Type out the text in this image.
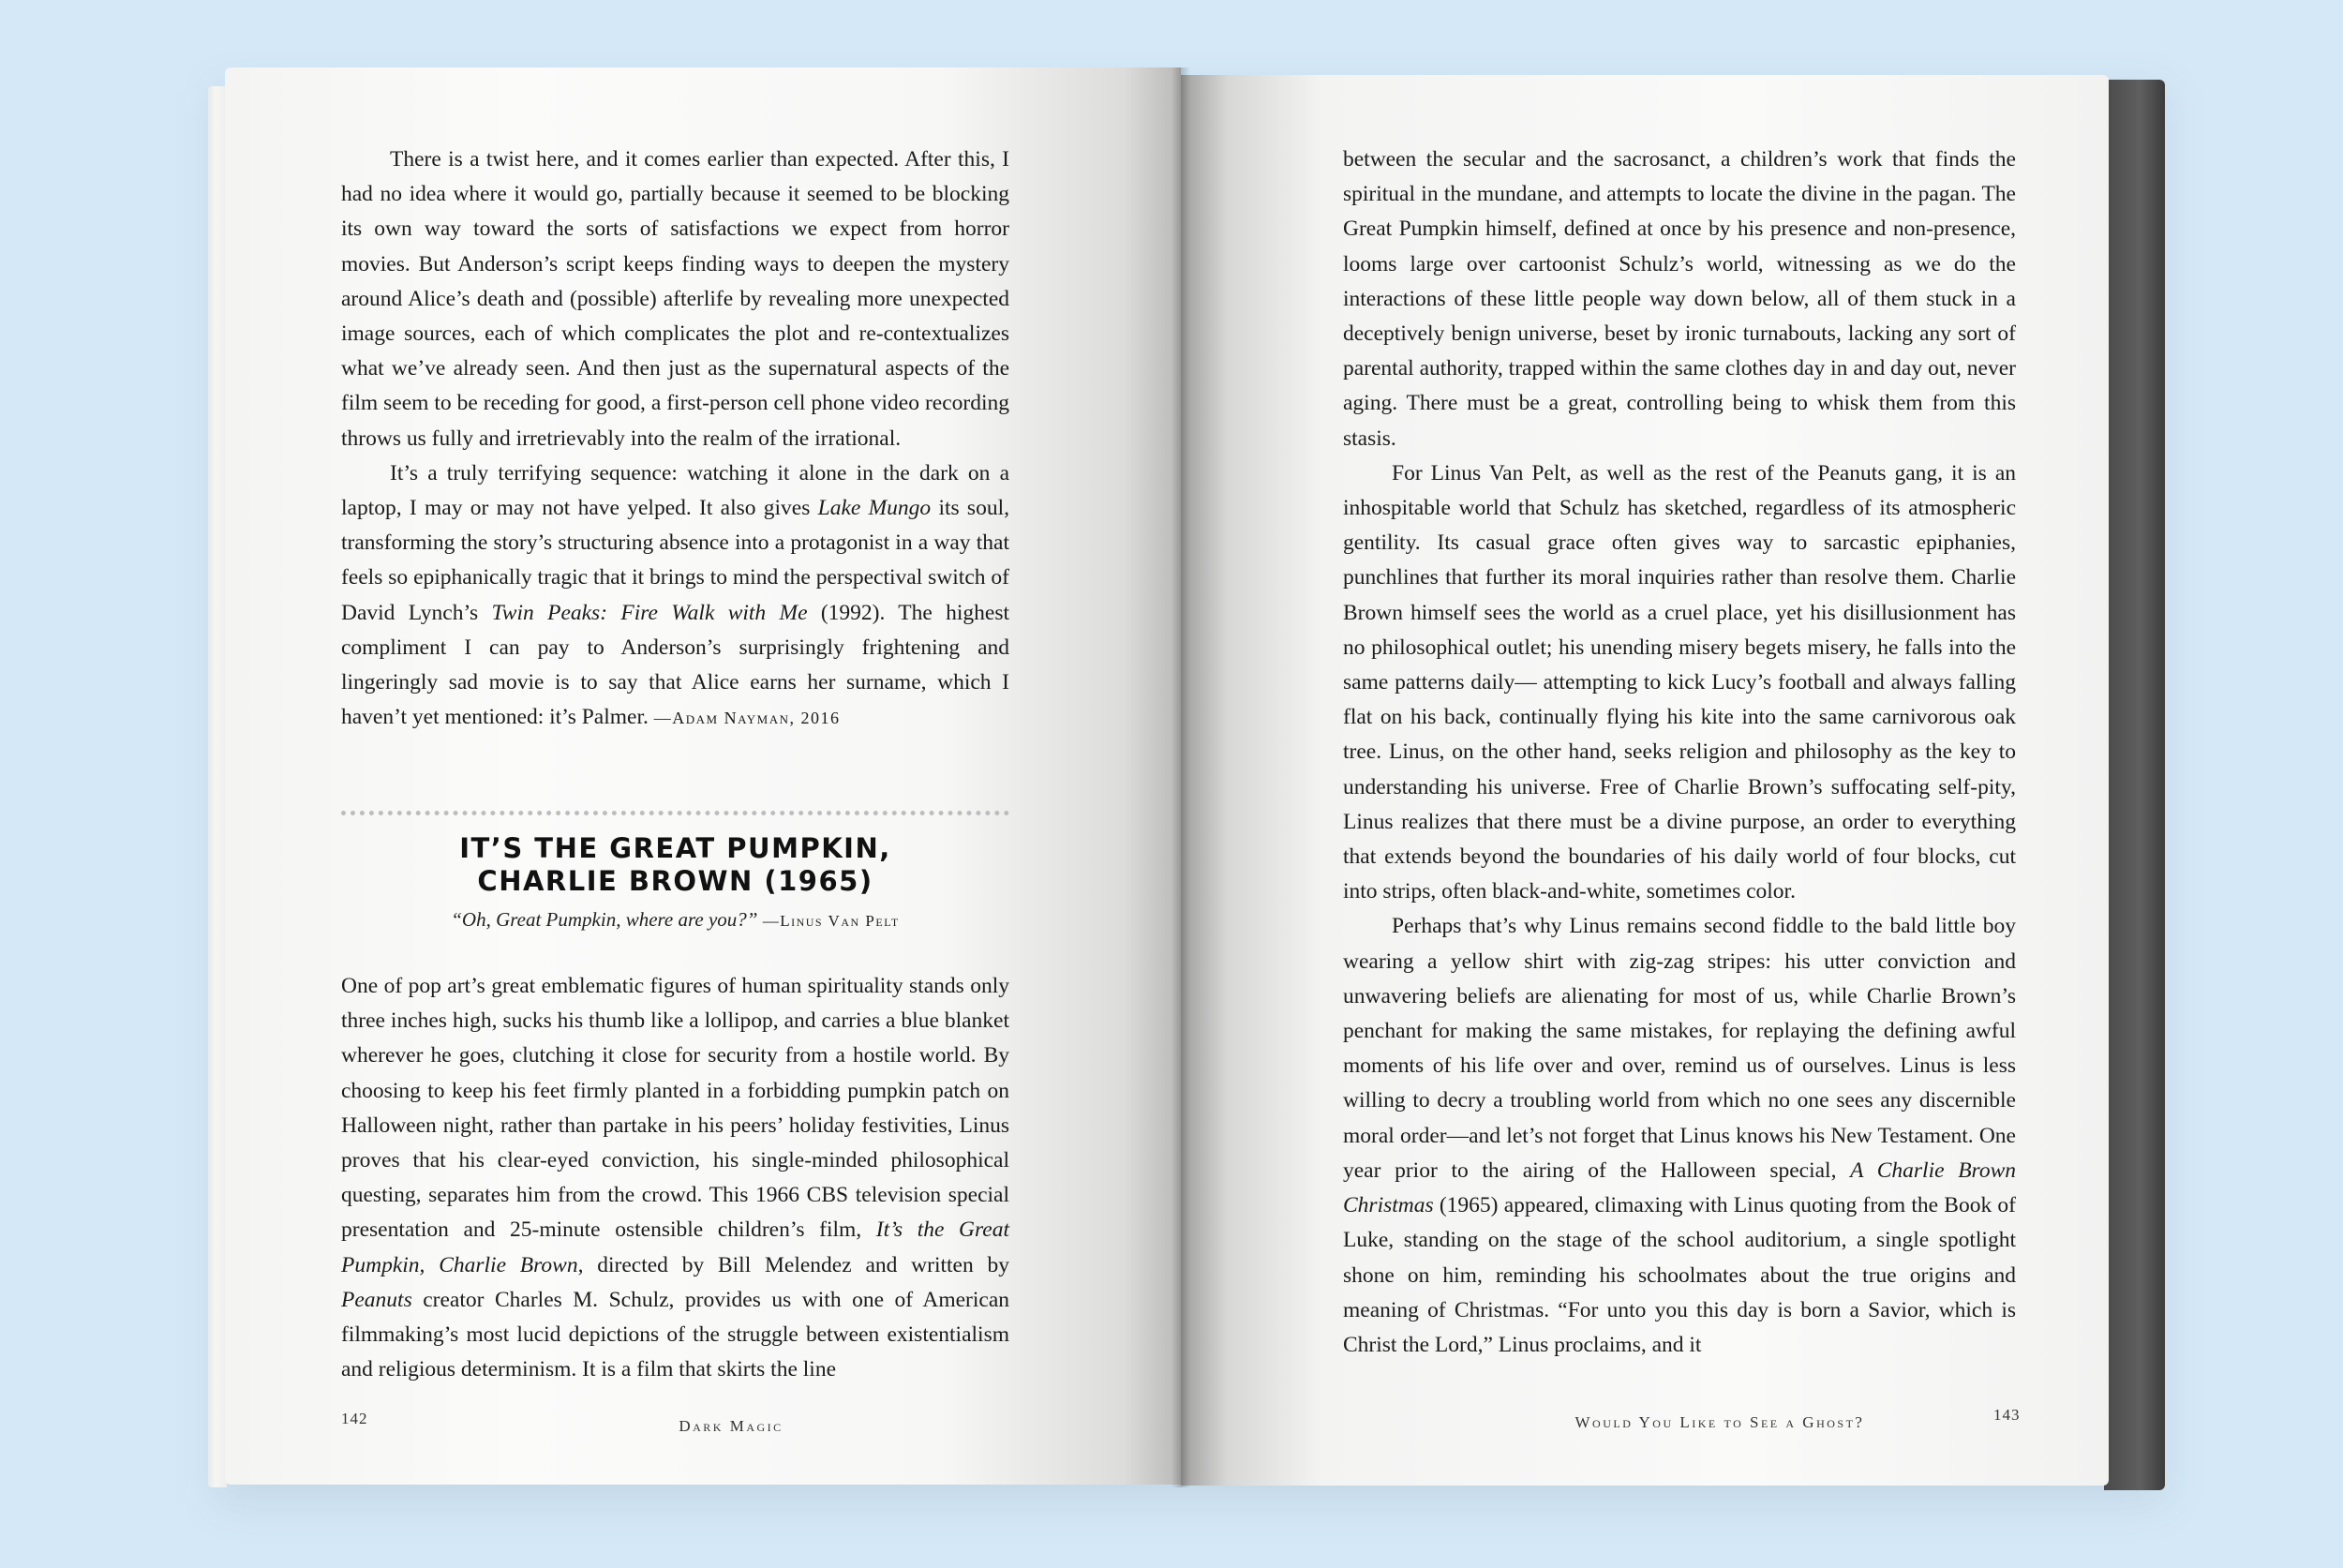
There is a twist here, and it comes earlier than expected. After this, I had no idea where it would go, partially because it seemed to be blocking its own way toward the sorts of satisfactions we expect from horror movies. But Anderson’s script keeps finding ways to deepen the mystery around Alice’s death and (possible) afterlife by revealing more unexpected image sources, each of which complicates the plot and re-contextualizes what we’ve already seen. And then just as the supernatural aspects of the film seem to be receding for good, a first-person cell phone video recording throws us fully and irretrievably into the realm of the irrational.

It’s a truly terrifying sequence: watching it alone in the dark on a laptop, I may or may not have yelped. It also gives Lake Mungo its soul, transforming the story’s structuring absence into a protagonist in a way that feels so epiphanically tragic that it brings to mind the perspectival switch of David Lynch’s Twin Peaks: Fire Walk with Me (1992). The highest compliment I can pay to Anderson’s surprisingly frightening and lingeringly sad movie is to say that Alice earns her surname, which I haven’t yet mentioned: it’s Palmer. —Adam Nayman, 2016

IT’S THE GREAT PUMPKIN,
CHARLIE BROWN (1965)
“Oh, Great Pumpkin, where are you?” —Linus Van Pelt

One of pop art’s great emblematic figures of human spirituality stands only three inches high, sucks his thumb like a lollipop, and carries a blue blanket wherever he goes, clutching it close for security from a hostile world. By choosing to keep his feet firmly planted in a forbidding pumpkin patch on Halloween night, rather than partake in his peers’ holiday festivities, Linus proves that his clear-eyed conviction, his single-minded philosophical questing, separates him from the crowd. This 1966 CBS television special presentation and 25-minute ostensible children’s film, It’s the Great Pumpkin, Charlie Brown, directed by Bill Melendez and written by Peanuts creator Charles M. Schulz, provides us with one of American filmmaking’s most lucid depictions of the struggle between existentialism and religious determinism. It is a film that skirts the line

142	Dark Magic

between the secular and the sacrosanct, a children’s work that finds the spiritual in the mundane, and attempts to locate the divine in the pagan. The Great Pumpkin himself, defined at once by his presence and non-presence, looms large over cartoonist Schulz’s world, witnessing as we do the interactions of these little people way down below, all of them stuck in a deceptively benign universe, beset by ironic turnabouts, lacking any sort of parental authority, trapped within the same clothes day in and day out, never aging. There must be a great, controlling being to whisk them from this stasis.

For Linus Van Pelt, as well as the rest of the Peanuts gang, it is an inhospitable world that Schulz has sketched, regardless of its atmospheric gentility. Its casual grace often gives way to sarcastic epiphanies, punchlines that further its moral inquiries rather than resolve them. Charlie Brown himself sees the world as a cruel place, yet his disillusionment has no philosophical outlet; his unending misery begets misery, he falls into the same patterns daily— attempting to kick Lucy’s football and always falling flat on his back, continually flying his kite into the same carnivorous oak tree. Linus, on the other hand, seeks religion and philosophy as the key to understanding his universe. Free of Charlie Brown’s suffocating self-pity, Linus realizes that there must be a divine purpose, an order to everything that extends beyond the boundaries of his daily world of four blocks, cut into strips, often black-and-white, sometimes color.

Perhaps that’s why Linus remains second fiddle to the bald little boy wearing a yellow shirt with zig-zag stripes: his utter conviction and unwavering beliefs are alienating for most of us, while Charlie Brown’s penchant for making the same mistakes, for replaying the defining awful moments of his life over and over, remind us of ourselves. Linus is less willing to decry a troubling world from which no one sees any discernible moral order—and let’s not forget that Linus knows his New Testament. One year prior to the airing of the Halloween special, A Charlie Brown Christmas (1965) appeared, climaxing with Linus quoting from the Book of Luke, standing on the stage of the school auditorium, a single spotlight shone on him, reminding his schoolmates about the true origins and meaning of Christmas. “For unto you this day is born a Savior, which is Christ the Lord,” Linus proclaims, and it

Would You Like to See a Ghost?	143
